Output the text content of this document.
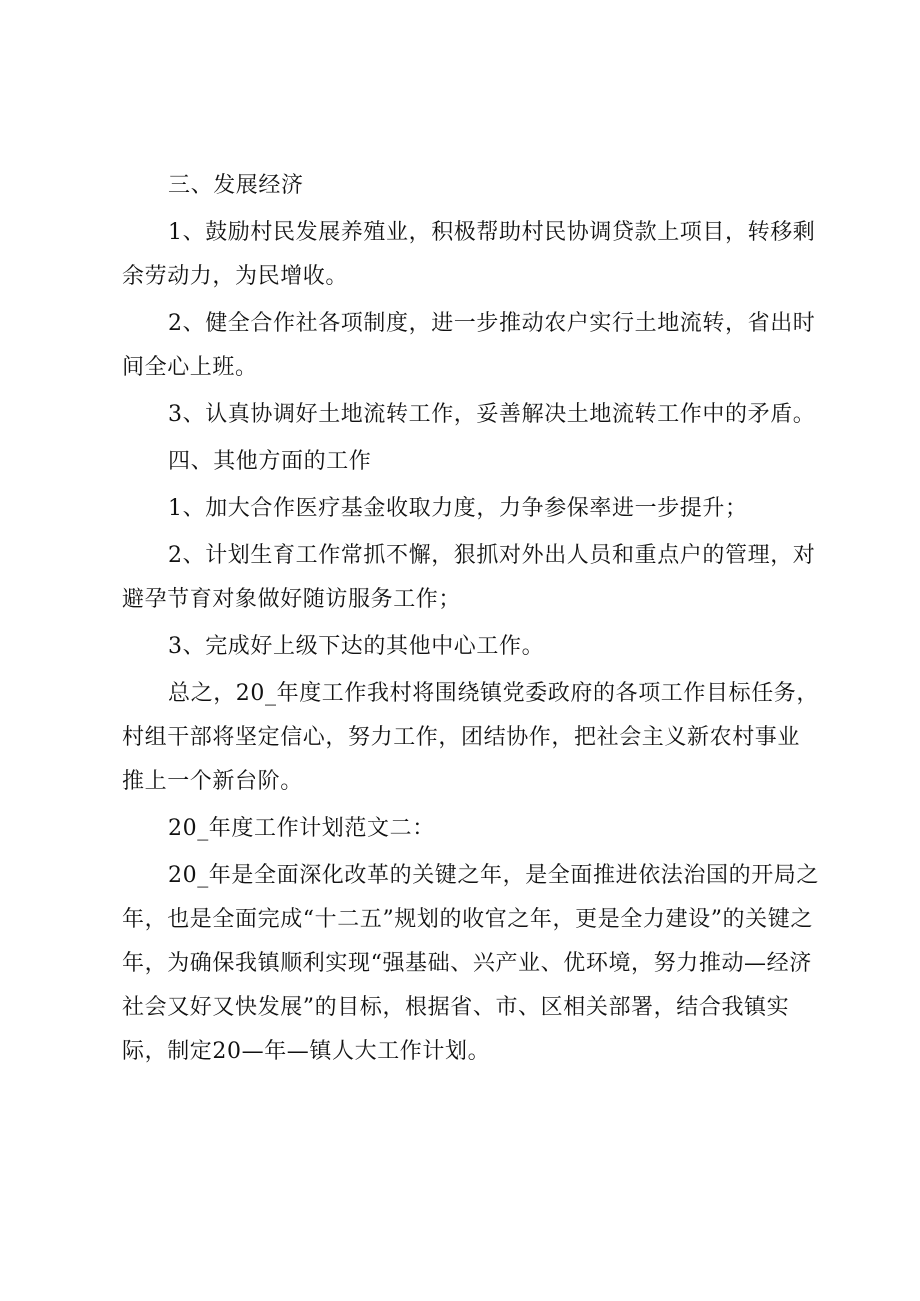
三、发展经济

1、鼓励村民发展养殖业，积极帮助村民协调贷款上项目，转移剩余劳动力，为民增收。

2、健全合作社各项制度，进一步推动农户实行土地流转，省出时间全心上班。

3、认真协调好土地流转工作，妥善解决土地流转工作中的矛盾。

四、其他方面的工作

1、加大合作医疗基金收取力度，力争参保率进一步提升；

2、计划生育工作常抓不懈，狠抓对外出人员和重点户的管理，对避孕节育对象做好随访服务工作；

3、完成好上级下达的其他中心工作。

总之，20_年度工作我村将围绕镇党委政府的各项工作目标任务，村组干部将坚定信心，努力工作，团结协作，把社会主义新农村事业推上一个新台阶。

20_年度工作计划范文二：

20_年是全面深化改革的关键之年，是全面推进依法治国的开局之年，也是全面完成“十二五”规划的收官之年，更是全力建设”的关键之年，为确保我镇顺利实现“强基础、兴产业、优环境，努力推动—经济社会又好又快发展”的目标，根据省、市、区相关部署，结合我镇实际，制定20—年—镇人大工作计划。
